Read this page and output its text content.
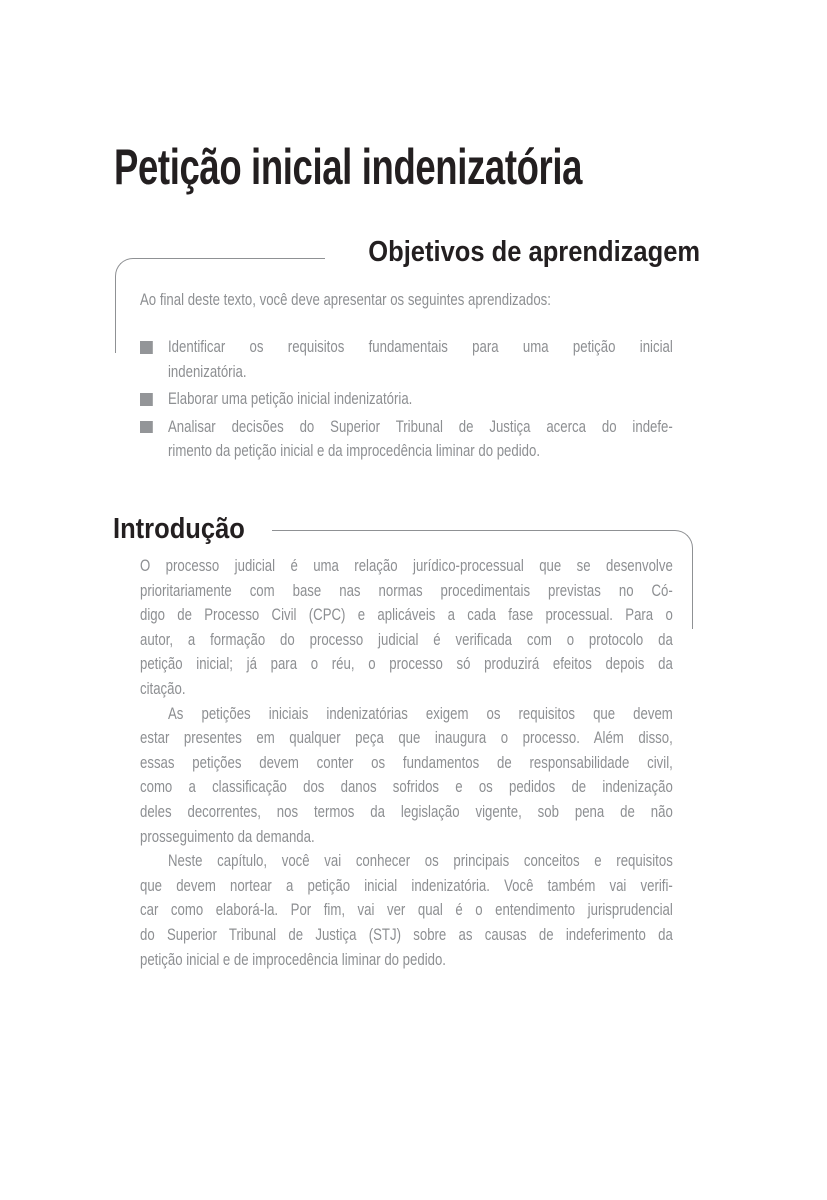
Petição inicial indenizatória
Objetivos de aprendizagem
Ao final deste texto, você deve apresentar os seguintes aprendizados:
Identificar os requisitos fundamentais para uma petição inicial
indenizatória.
Elaborar uma petição inicial indenizatória.
Analisar decisões do Superior Tribunal de Justiça acerca do indefe-
rimento da petição inicial e da improcedência liminar do pedido.
Introdução
O processo judicial é uma relação jurídico-processual que se desenvolve
prioritariamente com base nas normas procedimentais previstas no Có-
digo de Processo Civil (CPC) e aplicáveis a cada fase processual. Para o
autor, a formação do processo judicial é verificada com o protocolo da
petição inicial; já para o réu, o processo só produzirá efeitos depois da
citação.
As petições iniciais indenizatórias exigem os requisitos que devem
estar presentes em qualquer peça que inaugura o processo. Além disso,
essas petições devem conter os fundamentos de responsabilidade civil,
como a classificação dos danos sofridos e os pedidos de indenização
deles decorrentes, nos termos da legislação vigente, sob pena de não
prosseguimento da demanda.
Neste capítulo, você vai conhecer os principais conceitos e requisitos
que devem nortear a petição inicial indenizatória. Você também vai verifi-
car como elaborá-la. Por fim, vai ver qual é o entendimento jurisprudencial
do Superior Tribunal de Justiça (STJ) sobre as causas de indeferimento da
petição inicial e de improcedência liminar do pedido.
